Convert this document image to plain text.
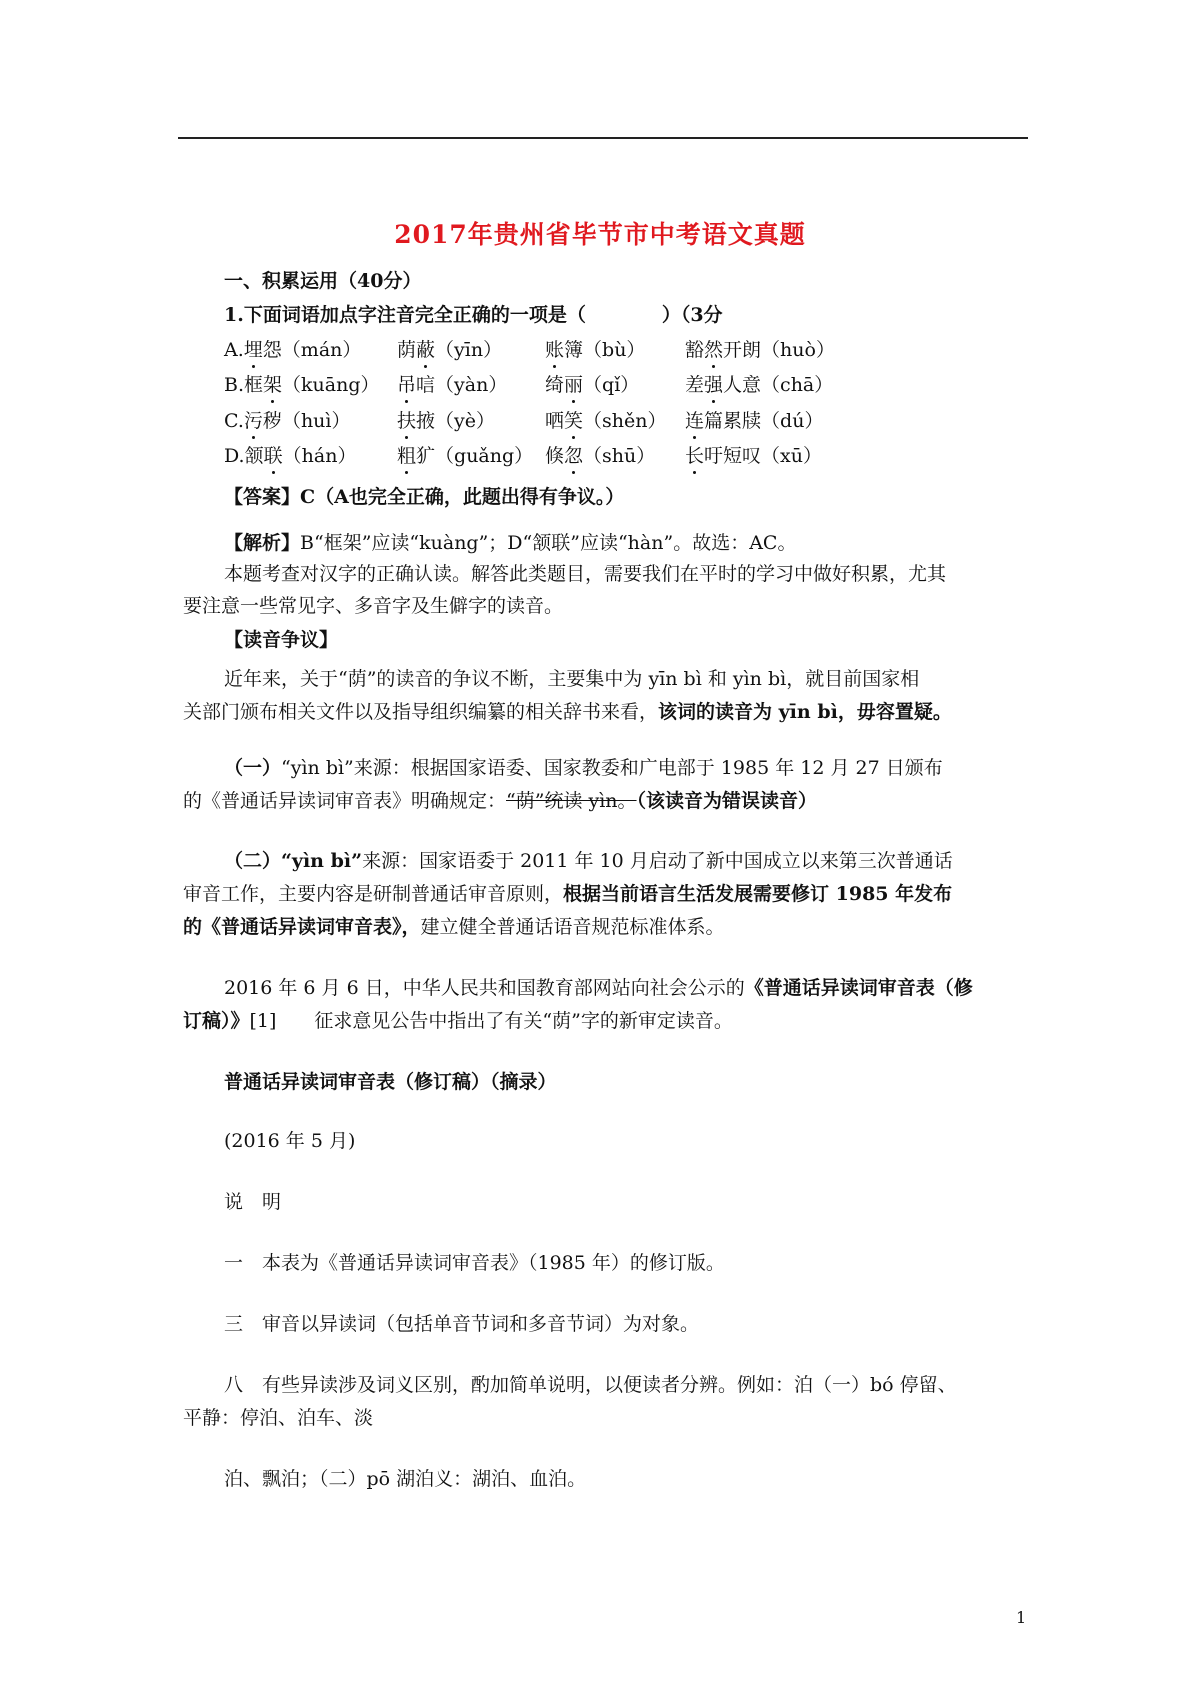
2017年贵州省毕节市中考语文真题
一、积累运用（40分）
1.下面词语加点字注音完全正确的一项是（　　　　）（3分
A.埋怨（mán） 荫蔽（yīn） 账簿（bù） 豁然开朗（huò）
B.框架（kuāng） 吊唁（yàn） 绮丽（qǐ） 差强人意（chā）
C.污秽（huì） 扶掖（yè）	哂笑（shěn） 连篇累牍（dú）
D.颔联（hán） 粗犷（guǎng） 倏忽（shū） 长吁短叹（xū）
【答案】C（A也完全正确，此题出得有争议。）
【解析】B“框架”应读“kuàng”；D“颔联”应读“hàn”。故选：AC。
本题考查对汉字的正确认读。解答此类题目，需要我们在平时的学习中做好积累，尤其
要注意一些常见字、多音字及生僻字的读音。
【读音争议】
近年来，关于“荫”的读音的争议不断，主要集中为 yīn bì 和 yìn bì，就目前国家相
关部门颁布相关文件以及指导组织编纂的相关辞书来看，该词的读音为 yīn bì，毋容置疑。
（一）“yìn bì”来源：根据国家语委、国家教委和广电部于 1985 年 12 月 27 日颁布
的《普通话异读词审音表》明确规定：“荫”统读 yìn。（该读音为错误读音）
（二）“yìn bì”来源：国家语委于 2011 年 10 月启动了新中国成立以来第三次普通话
审音工作，主要内容是研制普通话审音原则，根据当前语言生活发展需要修订 1985 年发布
的《普通话异读词审音表》，建立健全普通话语音规范标准体系。
2016 年 6 月 6 日，中华人民共和国教育部网站向社会公示的《普通话异读词审音表（修
订稿）》[1]　　征求意见公告中指出了有关“荫”字的新审定读音。
普通话异读词审音表（修订稿）（摘录）
(2016 年 5 月)
说　明
一　本表为《普通话异读词审音表》（1985 年）的修订版。
三　审音以异读词（包括单音节词和多音节词）为对象。
八　有些异读涉及词义区别，酌加简单说明，以便读者分辨。例如：泊（一）bó 停留、
平静：停泊、泊车、淡
泊、飘泊；（二）pō 湖泊义：湖泊、血泊。
1
